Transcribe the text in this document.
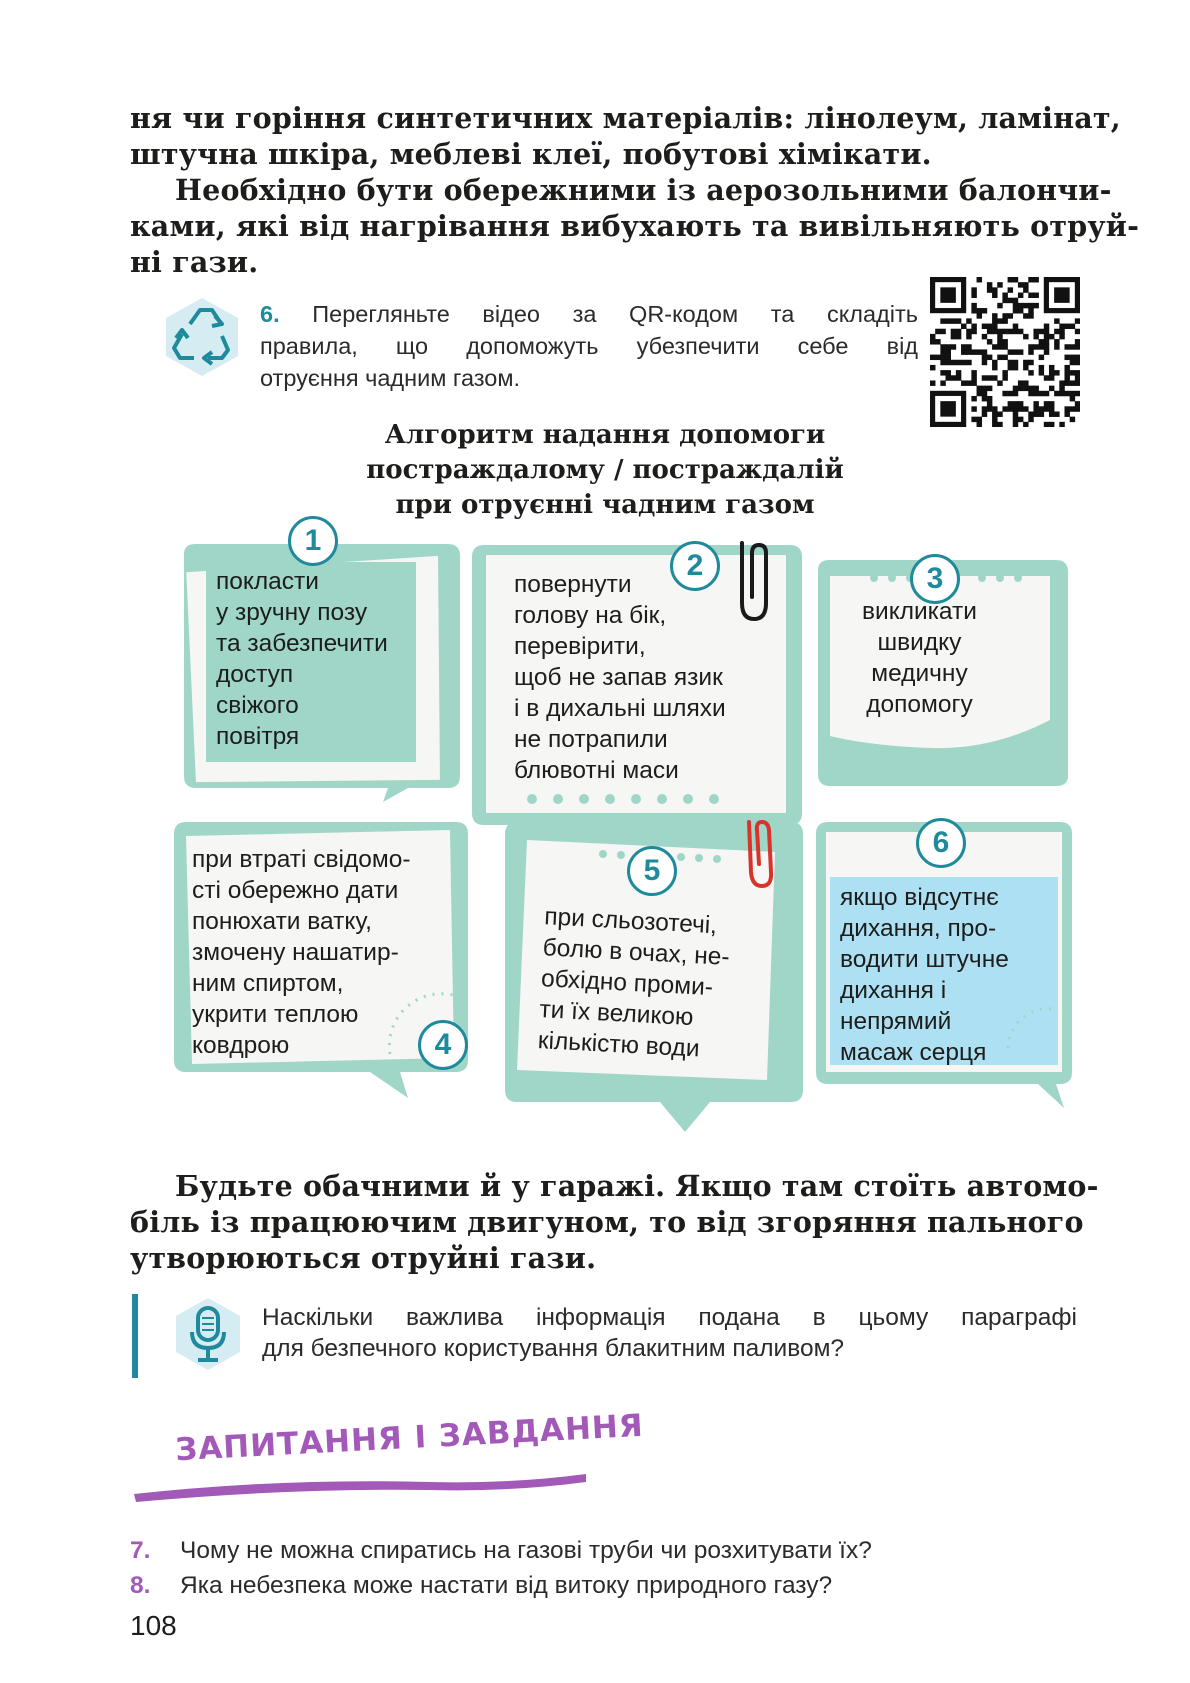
ня чи горіння синтетичних матеріалів: лінолеум, ламінат,
штучна шкіра, меблеві клеї, побутові хімікати.
Необхідно бути обережними із аерозольними балончи-
ками, які від нагрівання вибухають та вивільняють отруй-
ні гази.
6. Перегляньте відео за QR-кодом та складіть
правила, що допоможуть убезпечити себе від
отруєння чадним газом.
Алгоритм надання допомоги
постраждалому / постраждалій
при отруєнні чадним газом
1
покласти
у зручну позу
та забезпечити
доступ
свіжого
повітря
2
повернути
голову на бік,
перевірити,
щоб не запав язик
і в дихальні шляхи
не потрапили
блювотні маси
3
викликати
швидку
медичну
допомогу
4
при втраті свідомо-
сті обережно дати
понюхати ватку,
змочену нашатир-
ним спиртом,
укрити теплою
ковдрою
5
при сльозотечі,
болю в очах, не-
обхідно проми-
ти їх великою
кількістю води
6
якщо відсутнє
дихання, про-
водити штучне
дихання і
непрямий
масаж серця
Будьте обачними й у гаражі. Якщо там стоїть автомо-
біль із працюючим двигуном, то від згоряння пального
утворюються отруйні гази.
Наскільки важлива інформація подана в цьому параграфі
для безпечного користування блакитним паливом?
ЗАПИТАННЯ І ЗАВДАННЯ
7. Чому не можна спиратись на газові труби чи розхитувати їх?
8. Яка небезпека може настати від витоку природного газу?
108
